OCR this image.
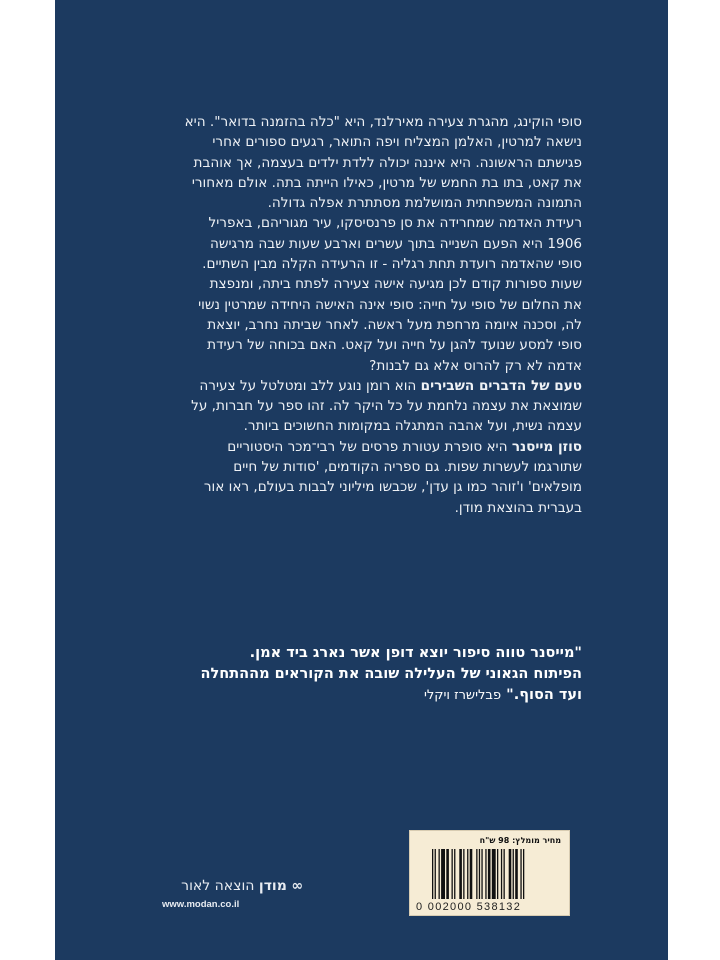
סופי הוקינג, מהגרת צעירה מאירלנד, היא "כלה בהזמנה בדואר". היא
נישאה למרטין, האלמן המצליח ויפה התואר, רגעים ספורים אחרי
פגישתם הראשונה. היא איננה יכולה ללדת ילדים בעצמה, אך אוהבת
את קאט, בתו בת החמש של מרטין, כאילו הייתה בתה. אולם מאחורי
התמונה המשפחתית המושלמת מסתתרת אפלה גדולה.
רעידת האדמה שמחרידה את סן פרנסיסקו, עיר מגוריהם, באפריל
1906 היא הפעם השנייה בתוך עשרים וארבע שעות שבה מרגישה
סופי שהאדמה רועדת תחת רגליה - זו הרעידה הקלה מבין השתיים.
שעות ספורות קודם לכן מגיעה אישה צעירה לפתח ביתה, ומנפצת
את החלום של סופי על חייה: סופי אינה האישה היחידה שמרטין נשוי
לה, וסכנה איומה מרחפת מעל ראשה. לאחר שביתה נחרב, יוצאת
סופי למסע שנועד להגן על חייה ועל קאט. האם בכוחה של רעידת
אדמה לא רק להרוס אלא גם לבנות?
טעם של הדברים השבירים הוא רומן נוגע ללב ומטלטל על צעירה
שמוצאת את עצמה נלחמת על כל היקר לה. זהו ספר על חברות, על
עצמה נשית, ועל אהבה המתגלה במקומות החשוכים ביותר.
סוזן מייסנר היא סופרת עטורת פרסים של רבי־מכר היסטוריים
שתורגמו לעשרות שפות. גם ספריה הקודמים, 'סודות של חיים
מופלאים' ו'זוהר כמו גן עדן', שכבשו מיליוני לבבות בעולם, ראו אור
בעברית בהוצאת מודן.
"מייסנר טווה סיפור יוצא דופן אשר נארג ביד אמן.
הפיתוח הגאוני של העלילה שובה את הקוראים מההתחלה
ועד הסוף." פבלישרז ויקלי
מחיר מומלץ: 98 ש"ח
0 002000 538132
∞ מודן הוצאה לאור
www.modan.co.il
